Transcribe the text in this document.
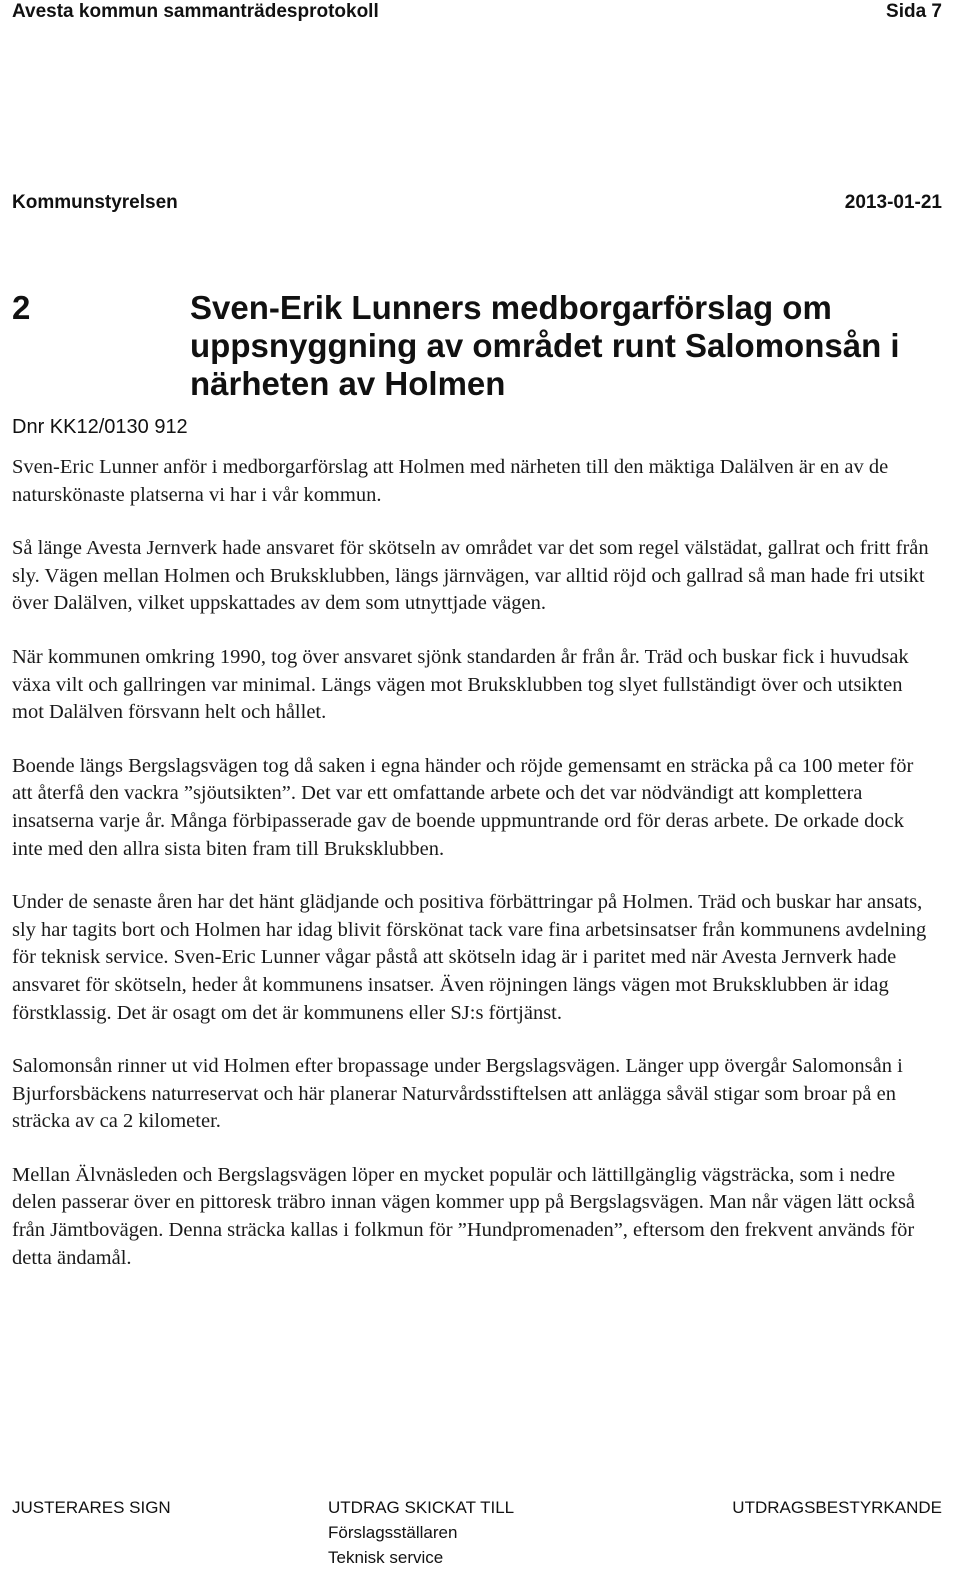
Avesta kommun sammanträdesprotokoll	Sida 7
Kommunstyrelsen	2013-01-21
2	Sven-Erik Lunners medborgarförslag om uppsnyggning av området runt Salomonsån i närheten av Holmen
Dnr KK12/0130 912

Sven-Eric Lunner anför i medborgarförslag att Holmen med närheten till den mäktiga Dalälven är en av de naturskönaste platserna vi har i vår kommun.

Så länge Avesta Jernverk hade ansvaret för skötseln av området var det som regel välstädat, gallrat och fritt från sly. Vägen mellan Holmen och Bruksklubben, längs järnvägen, var alltid röjd och gallrad så man hade fri utsikt över Dalälven, vilket uppskattades av dem som utnyttjade vägen.

När kommunen omkring 1990, tog över ansvaret sjönk standarden år från år. Träd och buskar fick i huvudsak växa vilt och gallringen var minimal. Längs vägen mot Bruksklubben tog slyet fullständigt över och utsikten mot Dalälven försvann helt och hållet.

Boende längs Bergslagsvägen tog då saken i egna händer och röjde gemensamt en sträcka på ca 100 meter för att återfå den vackra ”sjöutsikten”. Det var ett omfattande arbete och det var nödvändigt att komplettera insatserna varje år. Många förbipasserade gav de boende uppmuntrande ord för deras arbete. De orkade dock inte med den allra sista biten fram till Bruksklubben.

Under de senaste åren har det hänt glädjande och positiva förbättringar på Holmen. Träd och buskar har ansats, sly har tagits bort och Holmen har idag blivit förskönat tack vare fina arbetsinsatser från kommunens avdelning för teknisk service. Sven-Eric Lunner vågar påstå att skötseln idag är i paritet med när Avesta Jernverk hade ansvaret för skötseln, heder åt kommunens insatser. Även röjningen längs vägen mot Bruksklubben är idag förstklassig. Det är osagt om det är kommunens eller SJ:s förtjänst.

Salomonsån rinner ut vid Holmen efter bropassage under Bergslagsvägen. Länger upp övergår Salomonsån i Bjurforsbäckens naturreservat och här planerar Naturvårdsstiftelsen att anlägga såväl stigar som broar på en sträcka av ca 2 kilometer.

Mellan Älvnäsleden och Bergslagsvägen löper en mycket populär och lättillgänglig vägsträcka, som i nedre delen passerar över en pittoresk träbro innan vägen kommer upp på Bergslagsvägen. Man når vägen lätt också från Jämtbovägen. Denna sträcka kallas i folkmun för ”Hundpromenaden”, eftersom den frekvent används för detta ändamål.

JUSTERARES SIGN	UTDRAG SKICKAT TILL
Förslagsställaren
Teknisk service
UTDRAGSBESTYRKANDE
